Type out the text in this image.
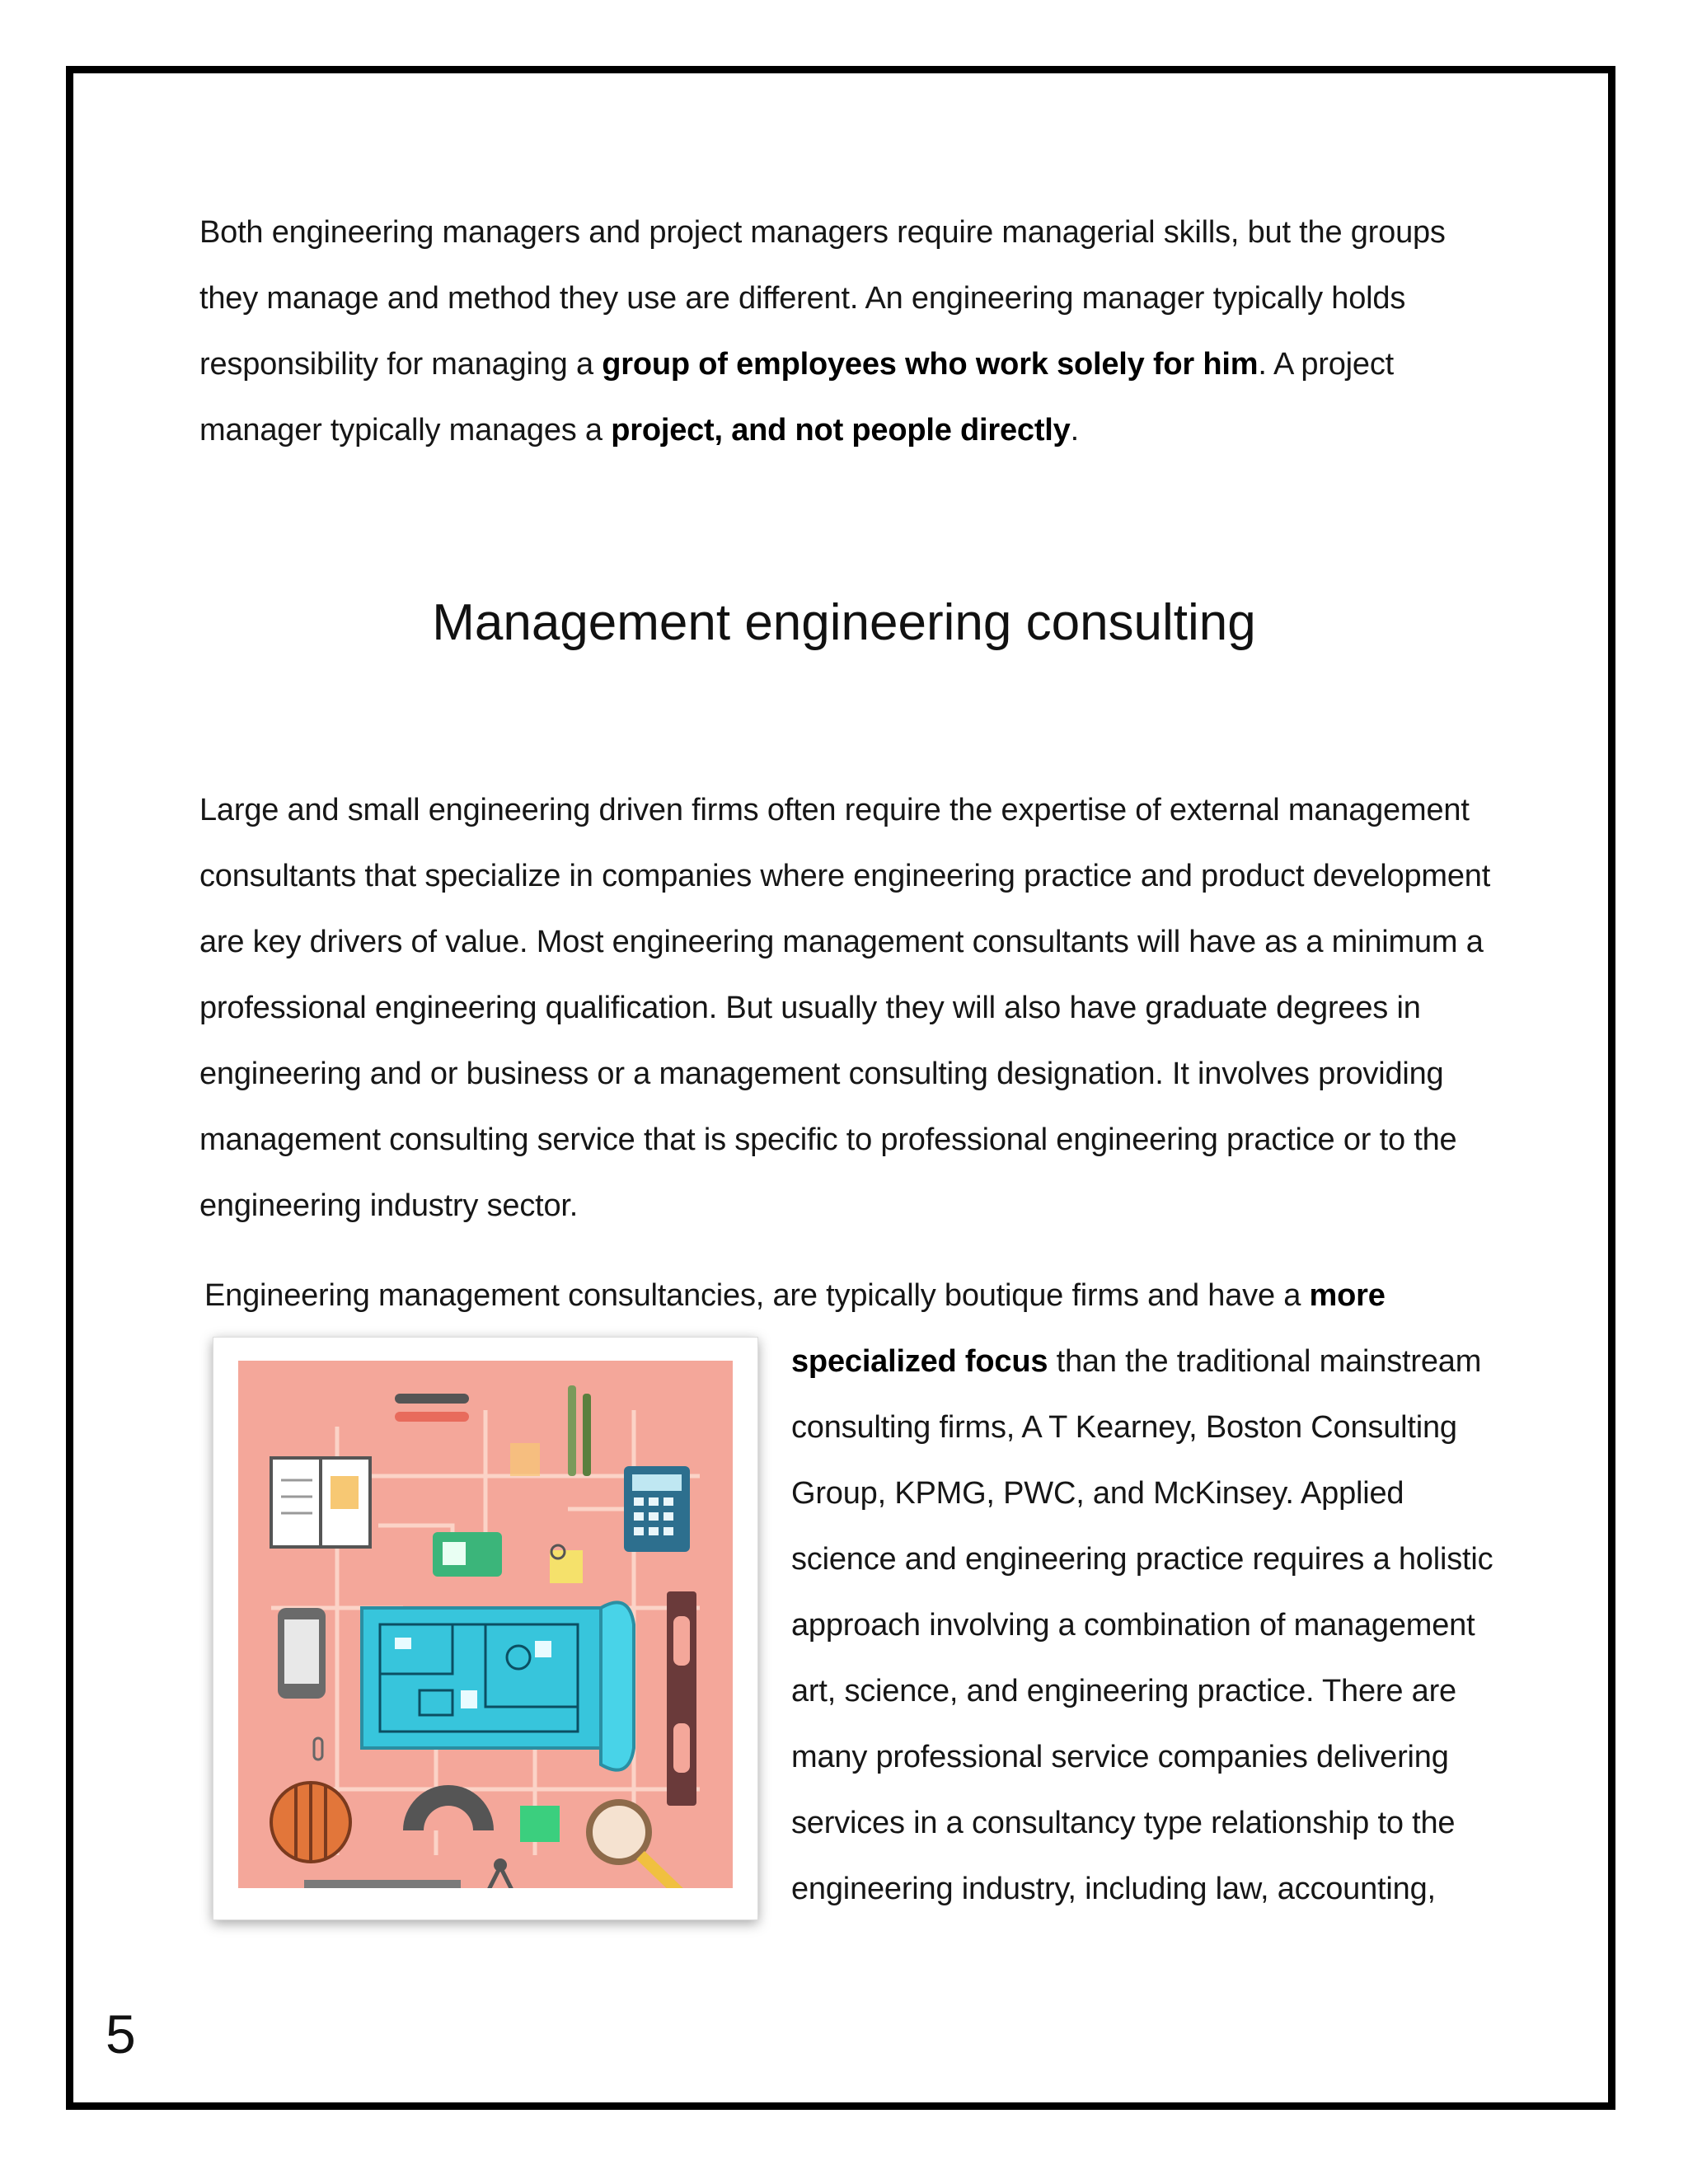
Both engineering managers and project managers require managerial skills, but the groups they manage and method they use are different. An engineering manager typically holds responsibility for managing a group of employees who work solely for him. A project manager typically manages a project, and not people directly.

Management engineering consulting

Large and small engineering driven firms often require the expertise of external management consultants that specialize in companies where engineering practice and product development are key drivers of value. Most engineering management consultants will have as a minimum a professional engineering qualification. But usually they will also have graduate degrees in engineering and or business or a management consulting designation. It involves providing management consulting service that is specific to professional engineering practice or to the engineering industry sector.

Engineering management consultancies, are typically boutique firms and have a more

specialized focus than the traditional mainstream consulting firms, A T Kearney, Boston Consulting Group, KPMG, PWC, and McKinsey. Applied science and engineering practice requires a holistic approach involving a combination of management art, science, and engineering practice. There are many professional service companies delivering services in a consultancy type relationship to the engineering industry, including law, accounting,

5
